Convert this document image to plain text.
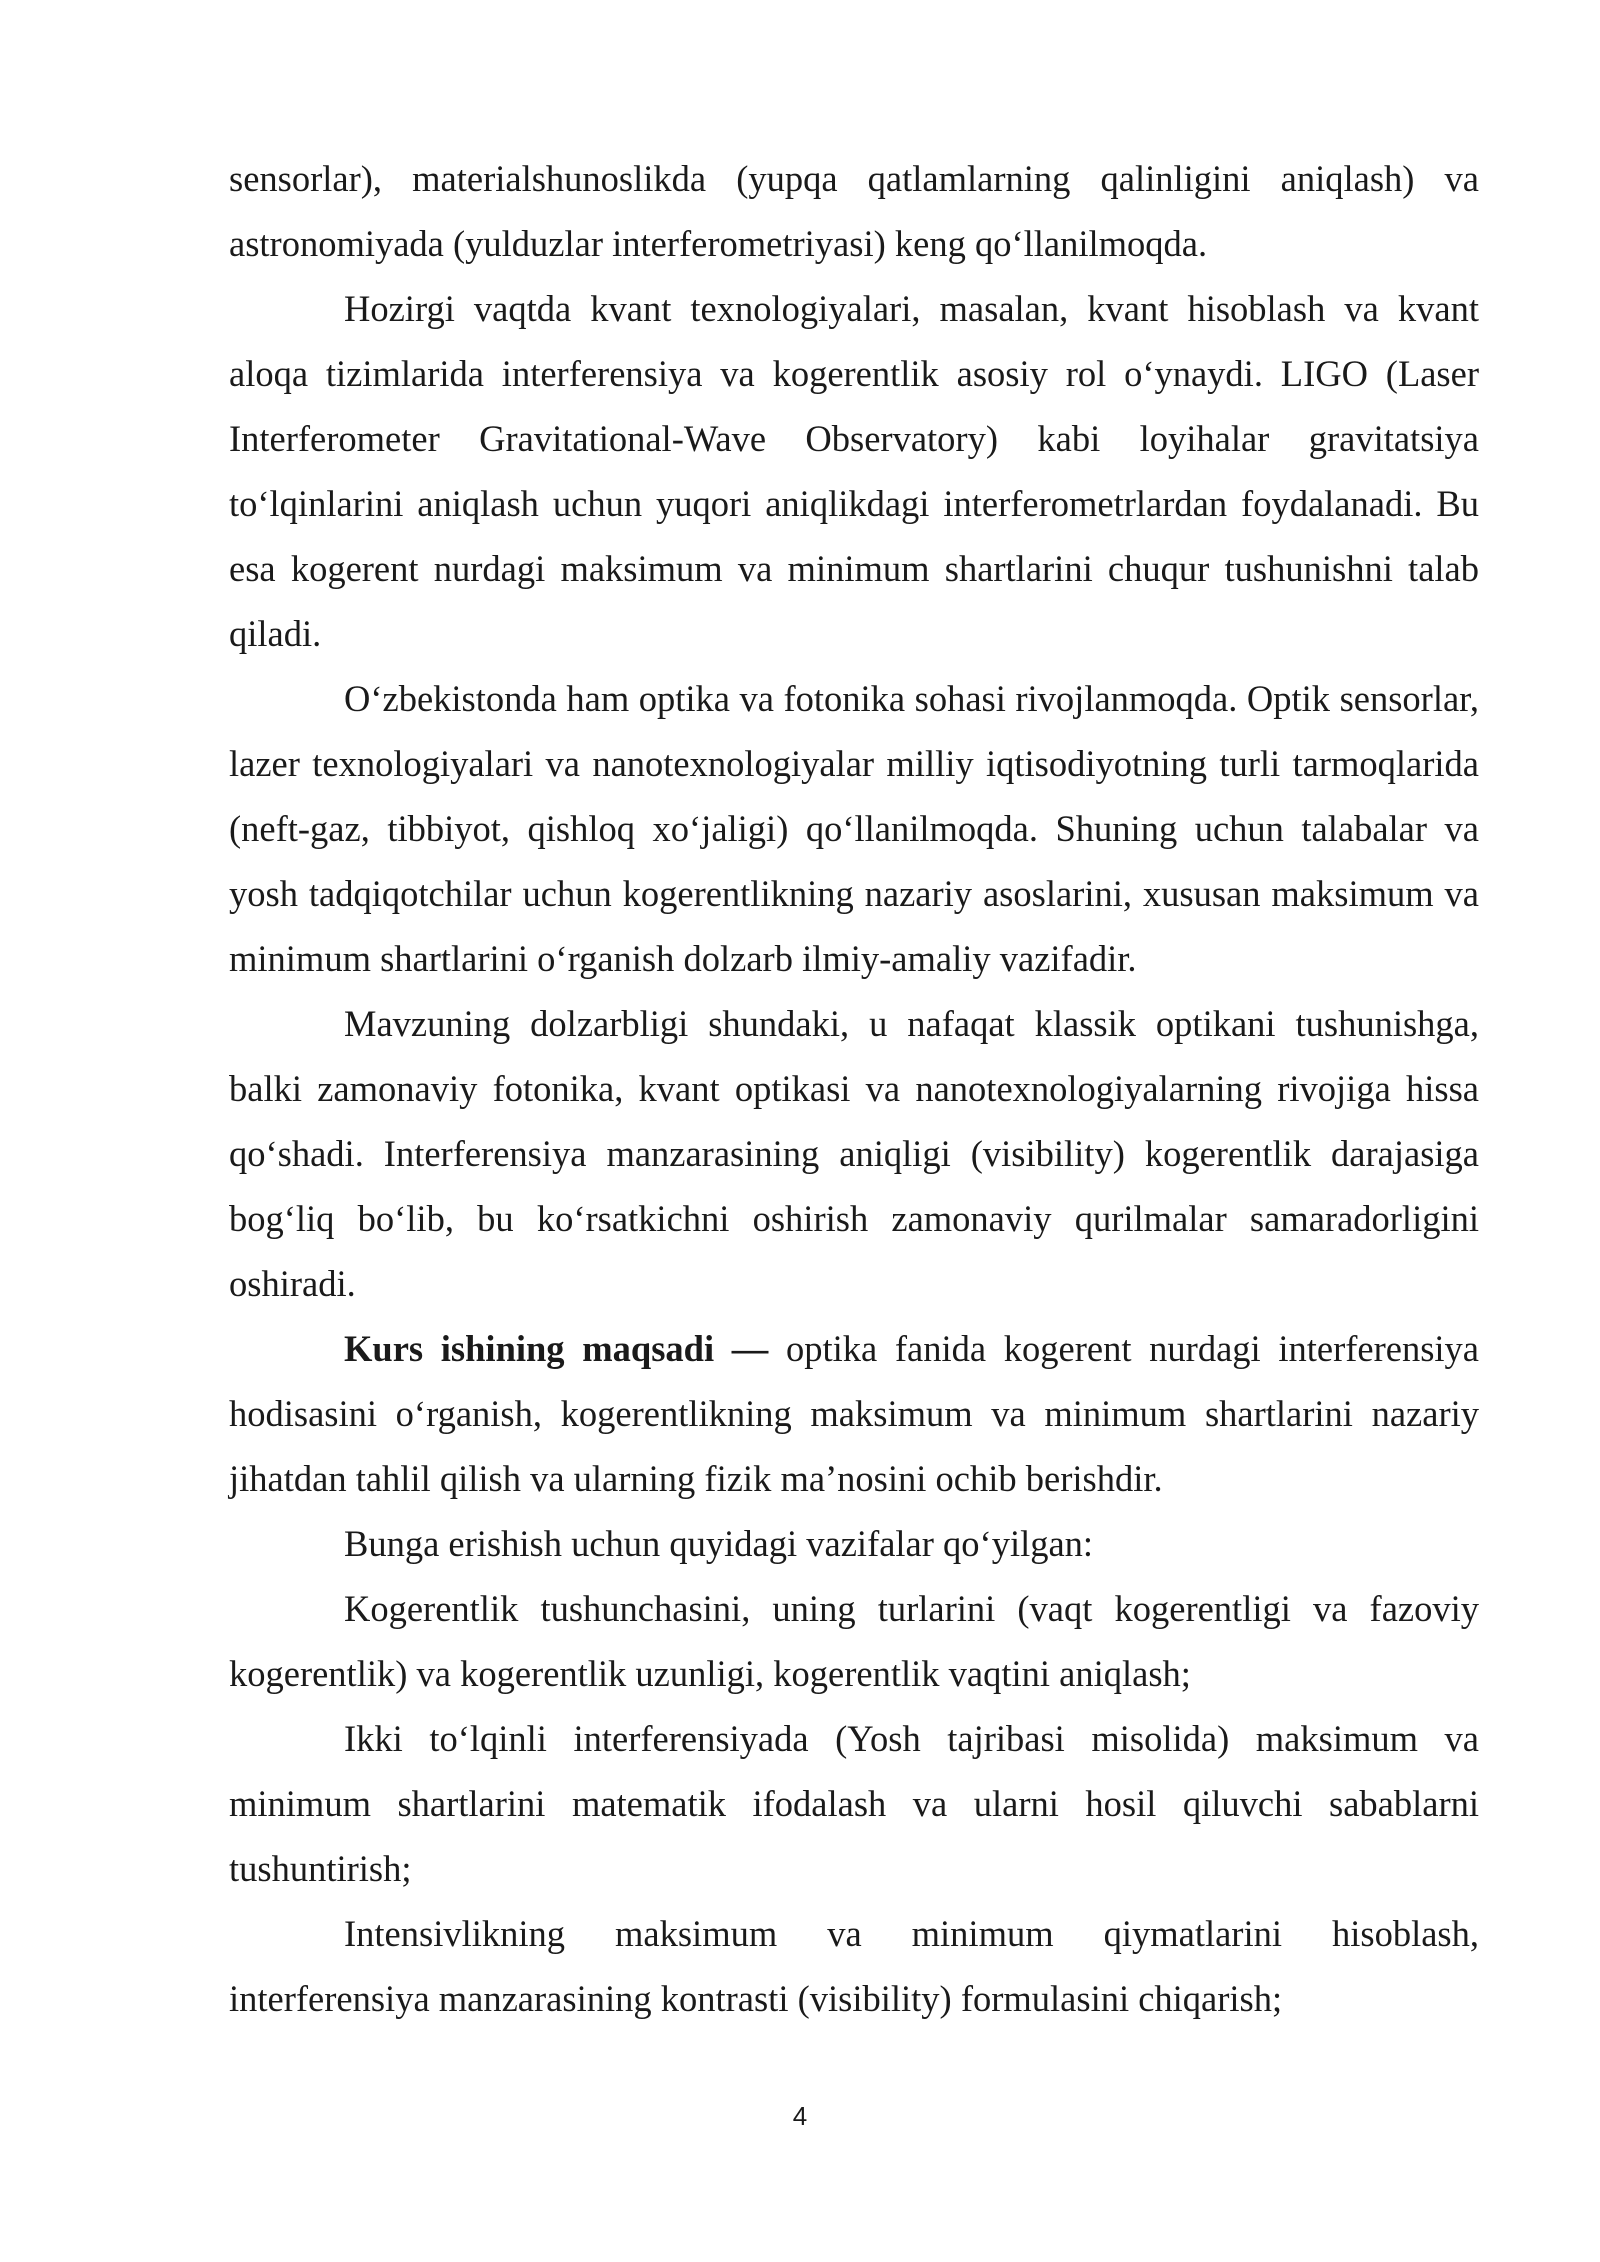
sensorlar), materialshunoslikda (yupqa qatlamlarning qalinligini aniqlash) va astronomiyada (yulduzlar interferometriyasi) keng qo‘llanilmoqda.

Hozirgi vaqtda kvant texnologiyalari, masalan, kvant hisoblash va kvant aloqa tizimlarida interferensiya va kogerentlik asosiy rol o‘ynaydi. LIGO (Laser Interferometer Gravitational-Wave Observatory) kabi loyihalar gravitatsiya to‘lqinlarini aniqlash uchun yuqori aniqlikdagi interferometrlardan foydalanadi. Bu esa kogerent nurdagi maksimum va minimum shartlarini chuqur tushunishni talab qiladi.

O‘zbekistonda ham optika va fotonika sohasi rivojlanmoqda. Optik sensorlar, lazer texnologiyalari va nanotexnologiyalar milliy iqtisodiyotning turli tarmoqlarida (neft-gaz, tibbiyot, qishloq xo‘jaligi) qo‘llanilmoqda. Shuning uchun talabalar va yosh tadqiqotchilar uchun kogerentlikning nazariy asoslarini, xususan maksimum va minimum shartlarini o‘rganish dolzarb ilmiy-amaliy vazifadir.

Mavzuning dolzarbligi shundaki, u nafaqat klassik optikani tushunishga, balki zamonaviy fotonika, kvant optikasi va nanotexnologiyalarning rivojiga hissa qo‘shadi. Interferensiya manzarasining aniqligi (visibility) kogerentlik darajasiga bog‘liq bo‘lib, bu ko‘rsatkichni oshirish zamonaviy qurilmalar samaradorligini oshiradi.

Kurs ishining maqsadi — optika fanida kogerent nurdagi interferensiya hodisasini o‘rganish, kogerentlikning maksimum va minimum shartlarini nazariy jihatdan tahlil qilish va ularning fizik ma’nosini ochib berishdir.

Bunga erishish uchun quyidagi vazifalar qo‘yilgan:

Kogerentlik tushunchasini, uning turlarini (vaqt kogerentligi va fazoviy kogerentlik) va kogerentlik uzunligi, kogerentlik vaqtini aniqlash;

Ikki to‘lqinli interferensiyada (Yosh tajribasi misolida) maksimum va minimum shartlarini matematik ifodalash va ularni hosil qiluvchi sabablarni tushuntirish;

Intensivlikning maksimum va minimum qiymatlarini hisoblash, interferensiya manzarasining kontrasti (visibility) formulasini chiqarish;

4
